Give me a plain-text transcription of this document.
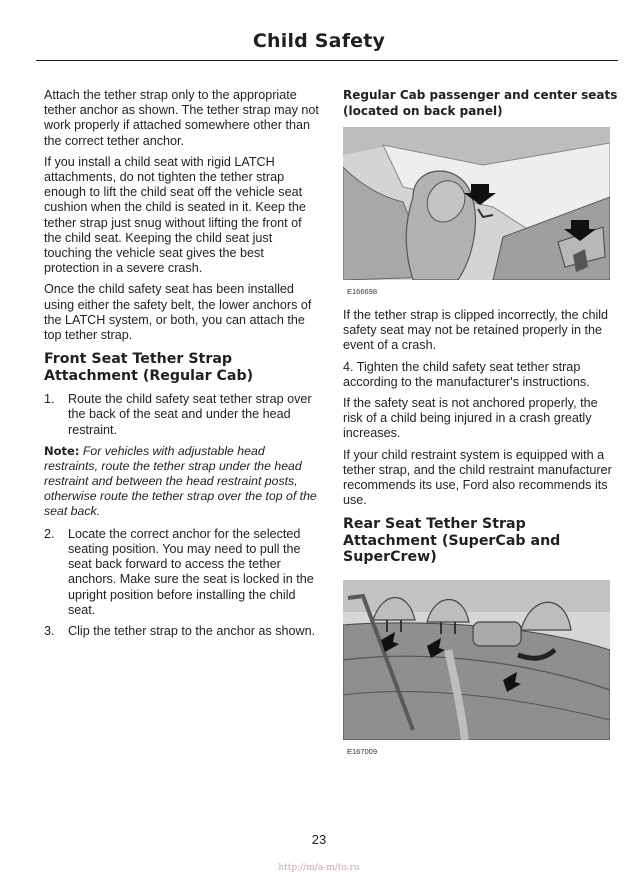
Child Safety

Attach the tether strap only to the appropriate tether anchor as shown. The tether strap may not work properly if attached somewhere other than the correct tether anchor.

If you install a child seat with rigid LATCH attachments, do not tighten the tether strap enough to lift the child seat off the vehicle seat cushion when the child is seated in it. Keep the tether strap just snug without lifting the front of the child seat. Keeping the child seat just touching the vehicle seat gives the best protection in a severe crash.

Once the child safety seat has been installed using either the safety belt, the lower anchors of the LATCH system, or both, you can attach the top tether strap.

Front Seat Tether Strap Attachment (Regular Cab)
1.	Route the child safety seat tether strap over the back of the seat and under the head restraint.
Note: For vehicles with adjustable head restraints, route the tether strap under the head restraint and between the head restraint posts, otherwise route the tether strap over the top of the seat back.
2.	Locate the correct anchor for the selected seating position. You may need to pull the seat back forward to access the tether anchors. Make sure the seat is locked in the upright position before installing the child seat.
3.	Clip the tether strap to the anchor as shown.
Regular Cab passenger and center seats (located on back panel)
E166698

If the tether strap is clipped incorrectly, the child safety seat may not be retained properly in the event of a crash.

4. Tighten the child safety seat tether strap according to the manufacturer's instructions.

If the safety seat is not anchored properly, the risk of a child being injured in a crash greatly increases.

If your child restraint system is equipped with a tether strap, and the child restraint manufacturer recommends its use, Ford also recommends its use.

Rear Seat Tether Strap Attachment (SuperCab and SuperCrew)
E167009
23
http://m/a-m/to.ru
